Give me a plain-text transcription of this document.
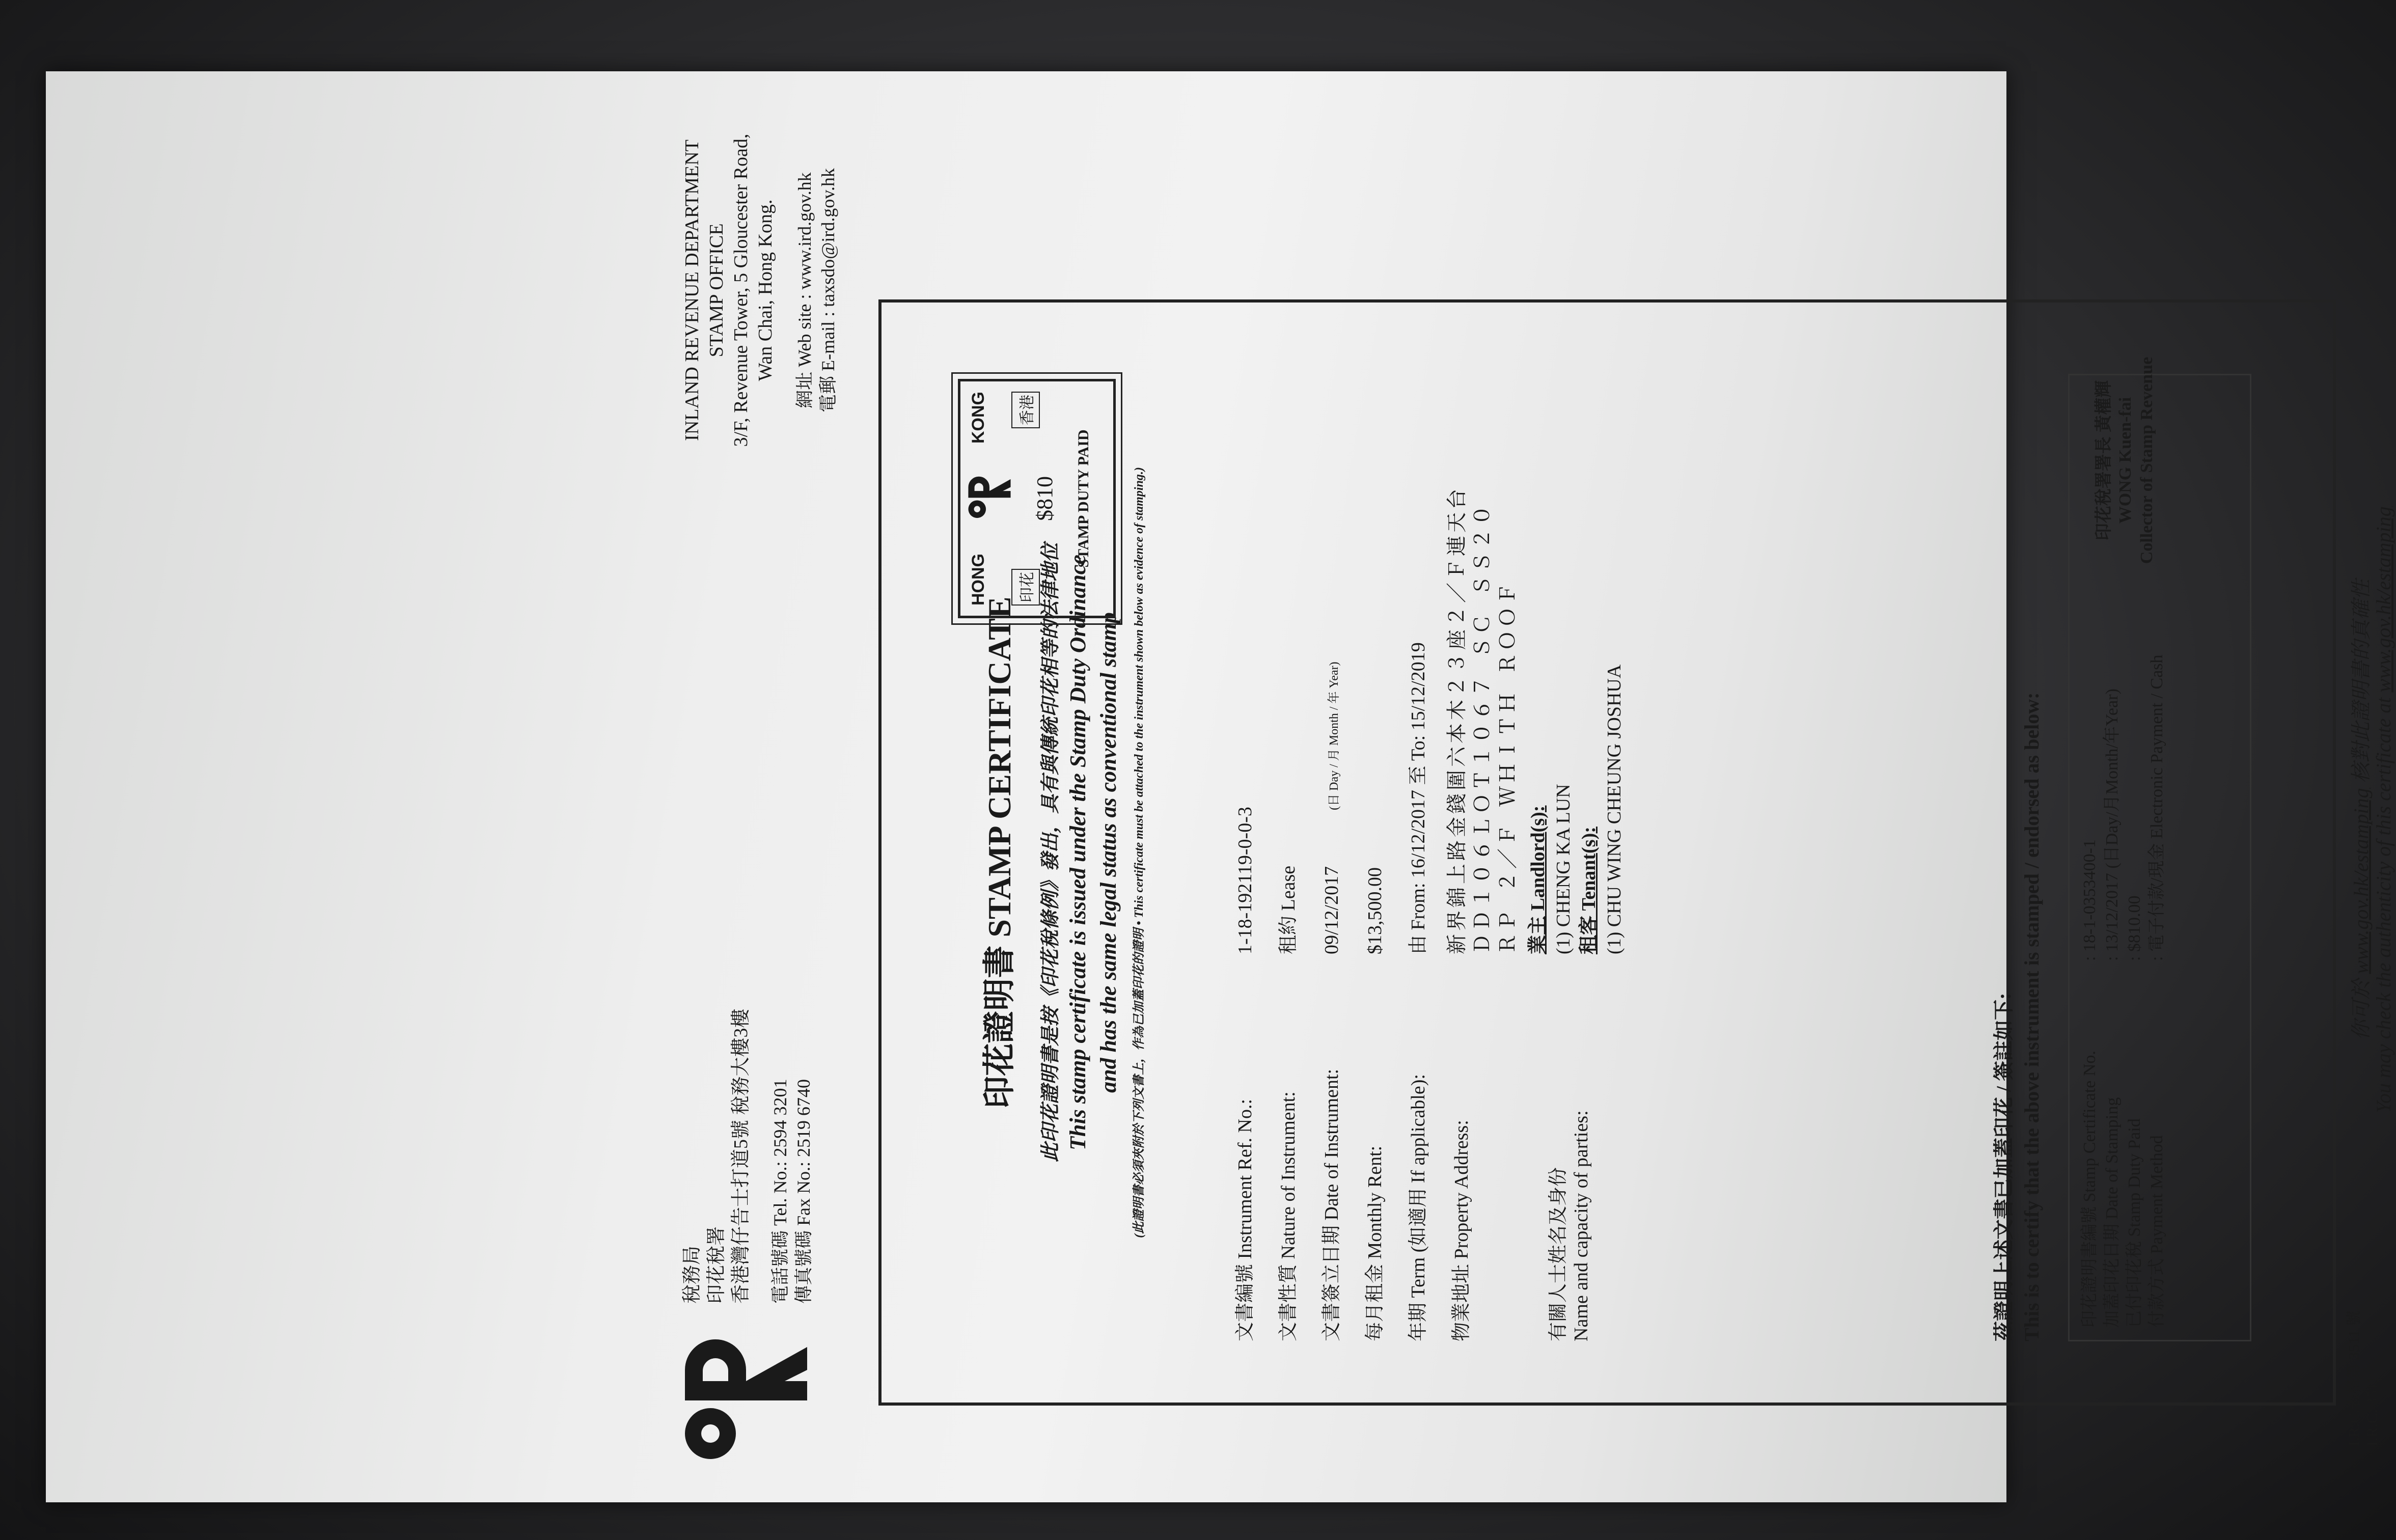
稅務局 印花稅署 香港灣仔告士打道5號 稅務大樓3樓 電話號碼 Tel. No.: 2594 3201
傳真號碼 Fax No.: 2519 6740
INLAND REVENUE DEPARTMENT STAMP OFFICE 3/F, Revenue Tower, 5 Gloucester Road, Wan Chai, Hong Kong. 網址 Web site : www.ird.gov.hk
電郵 E-mail : taxsdo@ird.gov.hk
印花證明書 STAMP CERTIFICATE 此印花證明書是按《印花稅條例》發出，具有與傳統印花相等的法律地位 This stamp certificate is issued under the Stamp Duty Ordinance and has the same legal status as conventional stamp (此證明書必須夾附於下列文書上，作為已加蓋印花的證明 • This certificate must be attached to the instrument shown below as evidence of stamping.)
HONG
KONG
印花
香港
$810 STAMP DUTY PAID
文書編號 Instrument Ref. No.:1-18-192119-0-0-3
文書性質 Nature of Instrument:租約 Lease
文書簽立日期 Date of Instrument:09/12/2017(日 Day / 月 Month / 年 Year)
每月租金 Monthly Rent:$13,500.00
年期 Term (如適用 If applicable):由 From: 16/12/2017 至 To: 15/12/2019
物業地址 Property Address:
新界錦上路金錢圍六本木２３座２／Ｆ連天台 ＤＤ１０６ＬＯＴ１０６７ ＳＣ ＳＳ２０ ＲＰ ２／Ｆ ＷＨＩＴＨ ＲＯＯＦ
有關人士姓名及身份 Name and capacity of parties:
業主 Landlord(s): (1) CHENG KA LUN 租客 Tenant(s): (1) CHU WING CHEUNG JOSHUA
茲證明上述文書已加蓋印花 / 簽註如下: This is to certify that the above instrument is stamped / endorsed as below: 印花證明書編號 Stamp Certificate No.: 18-1-0353400-1
加蓋印花日期 Date of Stamping: 13/12/2017 (日Day/月Month/年Year)
已付印花稅 Stamp Duty Paid: $810.00
付款方式 Payment Method: 電子付款/現金 Electronic Payment / Cash
印花稅署署長 黃權輝 WONG Kuen-fai Collector of Stamp Revenue
I.R.C.表格第 3511 號 I.R.C. 3511
你可於 www.gov.hk/estamping 核對此證明書的真確性
You may check the authenticity of this certificate at www.gov.hk/estamping
